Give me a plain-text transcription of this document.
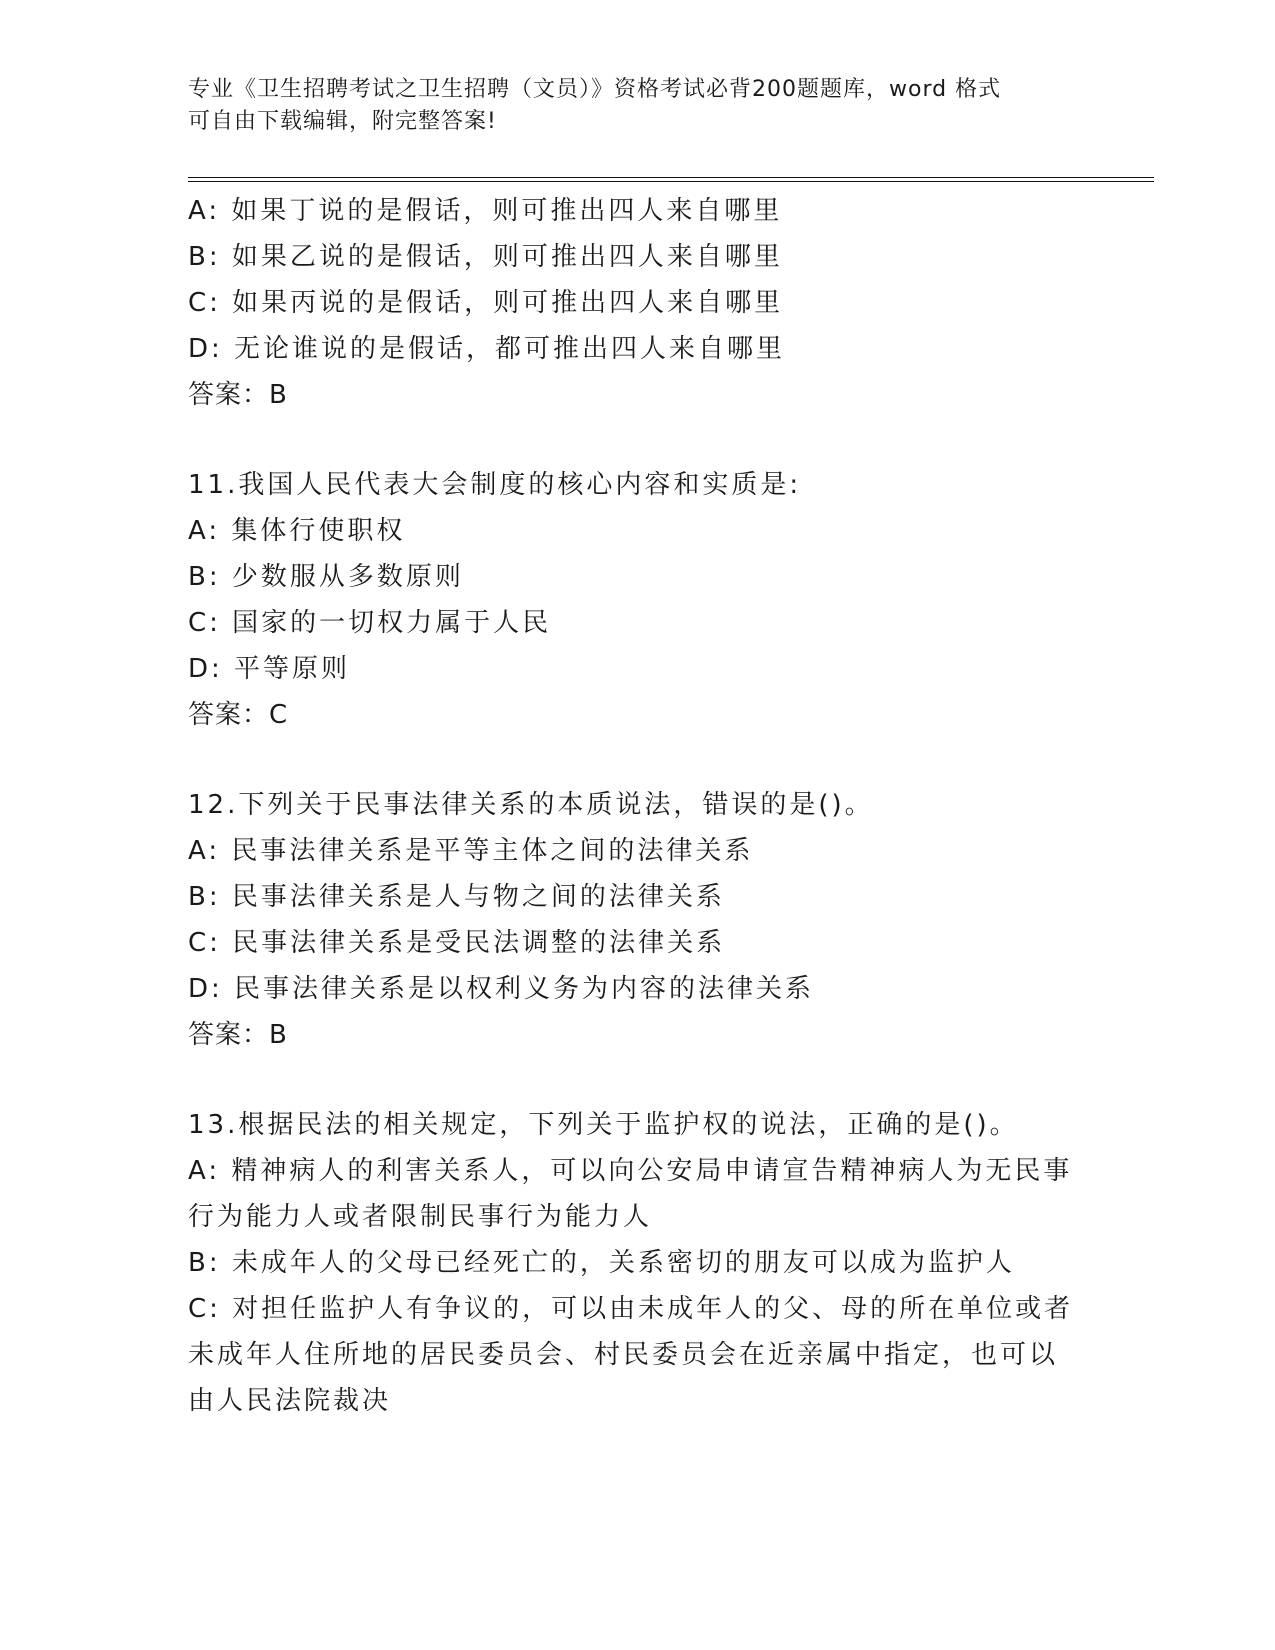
专业《卫生招聘考试之卫生招聘（文员）》资格考试必背200题题库，word 格式
可自由下载编辑，附完整答案!
A: 如果丁说的是假话，则可推出四人来自哪里
B: 如果乙说的是假话，则可推出四人来自哪里
C: 如果丙说的是假话，则可推出四人来自哪里
D: 无论谁说的是假话，都可推出四人来自哪里
答案：B
11.我国人民代表大会制度的核心内容和实质是:
A: 集体行使职权
B: 少数服从多数原则
C: 国家的一切权力属于人民
D: 平等原则
答案：C
12.下列关于民事法律关系的本质说法，错误的是()。
A: 民事法律关系是平等主体之间的法律关系
B: 民事法律关系是人与物之间的法律关系
C: 民事法律关系是受民法调整的法律关系
D: 民事法律关系是以权利义务为内容的法律关系
答案：B
13.根据民法的相关规定，下列关于监护权的说法，正确的是()。
A: 精神病人的利害关系人，可以向公安局申请宣告精神病人为无民事
行为能力人或者限制民事行为能力人
B: 未成年人的父母已经死亡的，关系密切的朋友可以成为监护人
C: 对担任监护人有争议的，可以由未成年人的父、母的所在单位或者
未成年人住所地的居民委员会、村民委员会在近亲属中指定，也可以
由人民法院裁决
